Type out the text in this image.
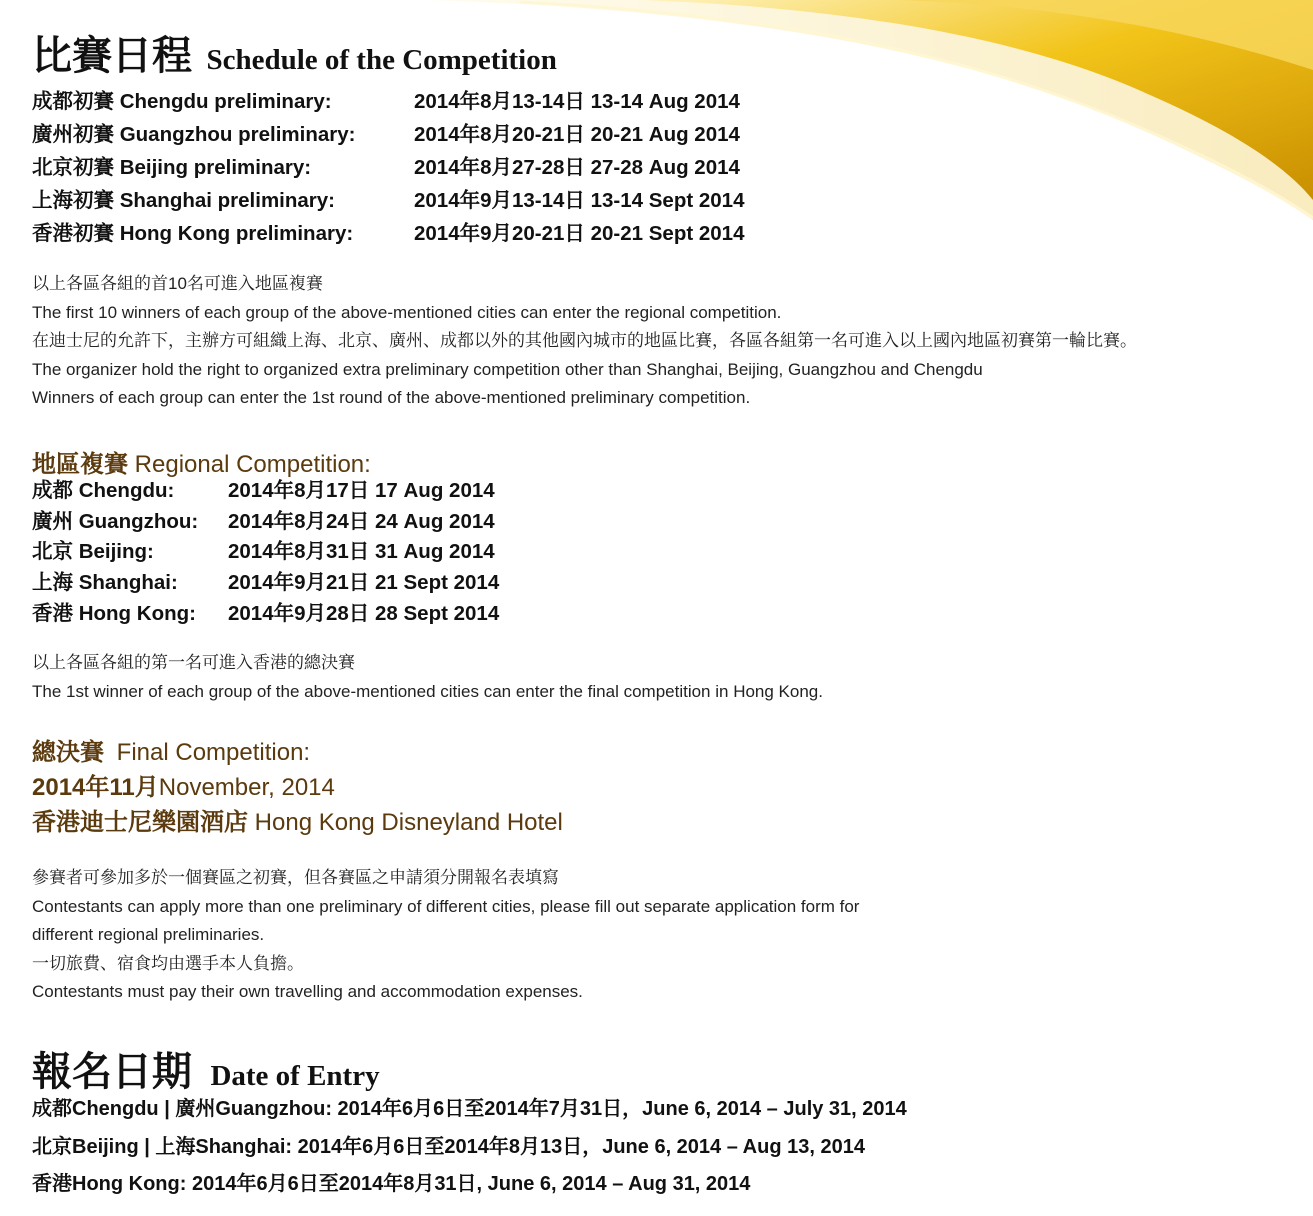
比賽日程 Schedule of the Competition
成都初賽 Chengdu preliminary:	2014年8月13-14日 13-14 Aug 2014
廣州初賽 Guangzhou preliminary:	2014年8月20-21日 20-21 Aug 2014
北京初賽 Beijing preliminary:	2014年8月27-28日 27-28 Aug 2014
上海初賽 Shanghai preliminary:	2014年9月13-14日 13-14 Sept 2014
香港初賽 Hong Kong preliminary:	2014年9月20-21日 20-21 Sept 2014
以上各區各組的首10名可進入地區複賽
The first 10 winners of each group of the above-mentioned cities can enter the regional competition.
在迪士尼的允許下，主辦方可組織上海、北京、廣州、成都以外的其他國內城市的地區比賽，各區各組第一名可進入以上國內地區初賽第一輪比賽。
The organizer hold the right to organized extra preliminary competition other than Shanghai, Beijing, Guangzhou and Chengdu
Winners of each group can enter the 1st round of the above-mentioned preliminary competition.
地區複賽 Regional Competition:
成都 Chengdu:	2014年8月17日 17 Aug 2014
廣州 Guangzhou:	2014年8月24日 24 Aug 2014
北京 Beijing:	2014年8月31日 31 Aug 2014
上海 Shanghai:	2014年9月21日 21 Sept 2014
香港 Hong Kong:	2014年9月28日 28 Sept 2014
以上各區各組的第一名可進入香港的總決賽
The 1st winner of each group of the above-mentioned cities can enter the final competition in Hong Kong.
總決賽 Final Competition:
2014年11月November, 2014
香港迪士尼樂園酒店 Hong Kong Disneyland Hotel
參賽者可參加多於一個賽區之初賽，但各賽區之申請須分開報名表填寫
Contestants can apply more than one preliminary of different cities, please fill out separate application form for
different regional preliminaries.
一切旅費、宿食均由選手本人負擔。
Contestants must pay their own travelling and accommodation expenses.
報名日期 Date of Entry
成都Chengdu | 廣州Guangzhou: 2014年6月6日至2014年7月31日，June 6, 2014 – July 31, 2014
北京Beijing | 上海Shanghai: 2014年6月6日至2014年8月13日，June 6, 2014 – Aug 13, 2014
香港Hong Kong: 2014年6月6日至2014年8月31日, June 6, 2014 – Aug 31, 2014
